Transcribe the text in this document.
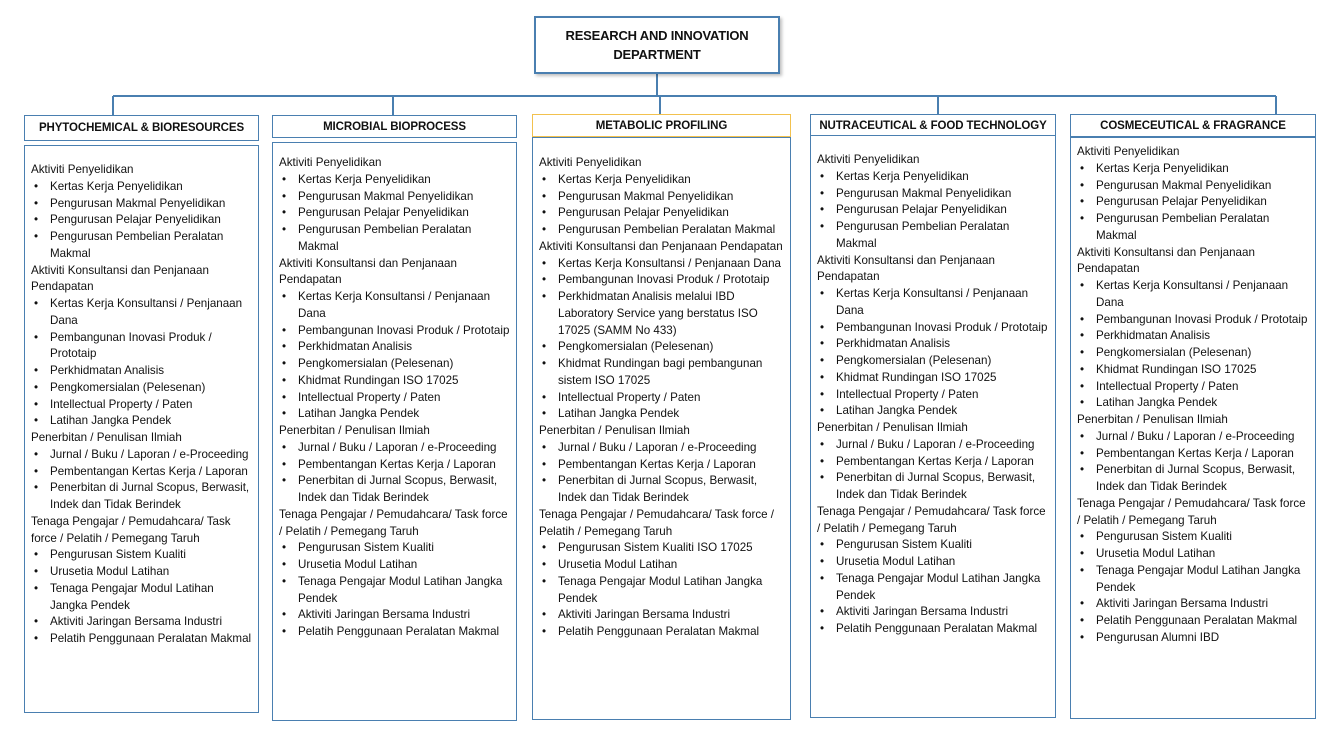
RESEARCH AND INNOVATION DEPARTMENT
PHYTOCHEMICAL & BIORESOURCES	MICROBIAL BIOPROCESS	METABOLIC PROFILING	NUTRACEUTICAL & FOOD TECHNOLOGY	COSMECEUTICAL & FRAGRANCE
Aktiviti Penyelidikan
• Kertas Kerja Penyelidikan
• Pengurusan Makmal Penyelidikan
• Pengurusan Pelajar Penyelidikan
• Pengurusan Pembelian Peralatan Makmal
Aktiviti Konsultansi dan Penjanaan Pendapatan
• Kertas Kerja Konsultansi / Penjanaan Dana
• Pembangunan Inovasi Produk / Prototaip
• Perkhidmatan Analisis
• Pengkomersialan (Pelesenan)
• Intellectual Property / Paten
• Latihan Jangka Pendek
Penerbitan / Penulisan Ilmiah
• Jurnal / Buku / Laporan / e-Proceeding
• Pembentangan Kertas Kerja / Laporan
• Penerbitan di Jurnal Scopus, Berwasit, Indek dan Tidak Berindek
Tenaga Pengajar / Pemudahcara/ Task force / Pelatih / Pemegang Taruh
• Pengurusan Sistem Kualiti
• Urusetia Modul Latihan
• Tenaga Pengajar Modul Latihan Jangka Pendek
• Aktiviti Jaringan Bersama Industri
• Pelatih Penggunaan Peralatan Makmal
Aktiviti Penyelidikan
• Kertas Kerja Penyelidikan
• Pengurusan Makmal Penyelidikan
• Pengurusan Pelajar Penyelidikan
• Pengurusan Pembelian Peralatan Makmal
Aktiviti Konsultansi dan Penjanaan Pendapatan
• Kertas Kerja Konsultansi / Penjanaan Dana
• Pembangunan Inovasi Produk / Prototaip
• Perkhidmatan Analisis
• Pengkomersialan (Pelesenan)
• Khidmat Rundingan ISO 17025
• Intellectual Property / Paten
• Latihan Jangka Pendek
Penerbitan / Penulisan Ilmiah
• Jurnal / Buku / Laporan / e-Proceeding
• Pembentangan Kertas Kerja / Laporan
• Penerbitan di Jurnal Scopus, Berwasit, Indek dan Tidak Berindek
Tenaga Pengajar / Pemudahcara/ Task force / Pelatih / Pemegang Taruh
• Pengurusan Sistem Kualiti
• Urusetia Modul Latihan
• Tenaga Pengajar Modul Latihan Jangka Pendek
• Aktiviti Jaringan Bersama Industri
• Pelatih Penggunaan Peralatan Makmal
Aktiviti Penyelidikan
• Kertas Kerja Penyelidikan
• Pengurusan Makmal Penyelidikan
• Pengurusan Pelajar Penyelidikan
• Pengurusan Pembelian Peralatan Makmal
Aktiviti Konsultansi dan Penjanaan Pendapatan
• Kertas Kerja Konsultansi / Penjanaan Dana
• Pembangunan Inovasi Produk / Prototaip
• Perkhidmatan Analisis melalui IBD Laboratory Service yang berstatus ISO 17025 (SAMM No 433)
• Pengkomersialan (Pelesenan)
• Khidmat Rundingan bagi pembangunan sistem ISO 17025
• Intellectual Property / Paten
• Latihan Jangka Pendek
Penerbitan / Penulisan Ilmiah
• Jurnal / Buku / Laporan / e-Proceeding
• Pembentangan Kertas Kerja / Laporan
• Penerbitan di Jurnal Scopus, Berwasit, Indek dan Tidak Berindek
Tenaga Pengajar / Pemudahcara/ Task force / Pelatih / Pemegang Taruh
• Pengurusan Sistem Kualiti ISO 17025
• Urusetia Modul Latihan
• Tenaga Pengajar Modul Latihan Jangka Pendek
• Aktiviti Jaringan Bersama Industri
• Pelatih Penggunaan Peralatan Makmal
Aktiviti Penyelidikan
• Kertas Kerja Penyelidikan
• Pengurusan Makmal Penyelidikan
• Pengurusan Pelajar Penyelidikan
• Pengurusan Pembelian Peralatan Makmal
Aktiviti Konsultansi dan Penjanaan Pendapatan
• Kertas Kerja Konsultansi / Penjanaan Dana
• Pembangunan Inovasi Produk / Prototaip
• Perkhidmatan Analisis
• Pengkomersialan (Pelesenan)
• Khidmat Rundingan ISO 17025
• Intellectual Property / Paten
• Latihan Jangka Pendek
Penerbitan / Penulisan Ilmiah
• Jurnal / Buku / Laporan / e-Proceeding
• Pembentangan Kertas Kerja / Laporan
• Penerbitan di Jurnal Scopus, Berwasit, Indek dan Tidak Berindek
Tenaga Pengajar / Pemudahcara/ Task force / Pelatih / Pemegang Taruh
• Pengurusan Sistem Kualiti
• Urusetia Modul Latihan
• Tenaga Pengajar Modul Latihan Jangka Pendek
• Aktiviti Jaringan Bersama Industri
• Pelatih Penggunaan Peralatan Makmal
Aktiviti Penyelidikan
• Kertas Kerja Penyelidikan
• Pengurusan Makmal Penyelidikan
• Pengurusan Pelajar Penyelidikan
• Pengurusan Pembelian Peralatan Makmal
Aktiviti Konsultansi dan Penjanaan Pendapatan
• Kertas Kerja Konsultansi / Penjanaan Dana
• Pembangunan Inovasi Produk / Prototaip
• Perkhidmatan Analisis
• Pengkomersialan (Pelesenan)
• Khidmat Rundingan ISO 17025
• Intellectual Property / Paten
• Latihan Jangka Pendek
Penerbitan / Penulisan Ilmiah
• Jurnal / Buku / Laporan / e-Proceeding
• Pembentangan Kertas Kerja / Laporan
• Penerbitan di Jurnal Scopus, Berwasit, Indek dan Tidak Berindek
Tenaga Pengajar / Pemudahcara/ Task force / Pelatih / Pemegang Taruh
• Pengurusan Sistem Kualiti
• Urusetia Modul Latihan
• Tenaga Pengajar Modul Latihan Jangka Pendek
• Aktiviti Jaringan Bersama Industri
• Pelatih Penggunaan Peralatan Makmal
• Pengurusan Alumni IBD
